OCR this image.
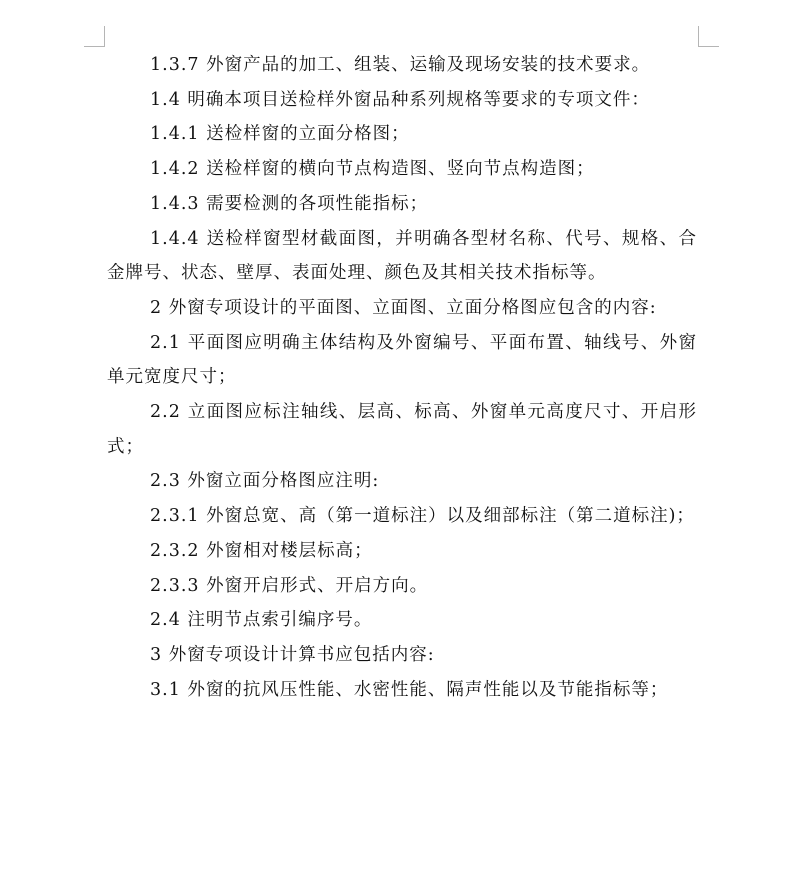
1.3.7 外窗产品的加工、组装、运输及现场安装的技术要求。

1.4 明确本项目送检样外窗品种系列规格等要求的专项文件：

1.4.1 送检样窗的立面分格图；

1.4.2 送检样窗的横向节点构造图、竖向节点构造图；

1.4.3 需要检测的各项性能指标；

1.4.4 送检样窗型材截面图，并明确各型材名称、代号、规格、合金牌号、状态、壁厚、表面处理、颜色及其相关技术指标等。

2 外窗专项设计的平面图、立面图、立面分格图应包含的内容:

2.1 平面图应明确主体结构及外窗编号、平面布置、轴线号、外窗单元宽度尺寸；

2.2 立面图应标注轴线、层高、标高、外窗单元高度尺寸、开启形式；

2.3 外窗立面分格图应注明:

2.3.1 外窗总宽、高（第一道标注）以及细部标注（第二道标注)；

2.3.2 外窗相对楼层标高；

2.3.3 外窗开启形式、开启方向。

2.4 注明节点索引编序号。

3 外窗专项设计计算书应包括内容:

3.1 外窗的抗风压性能、水密性能、隔声性能以及节能指标等；
